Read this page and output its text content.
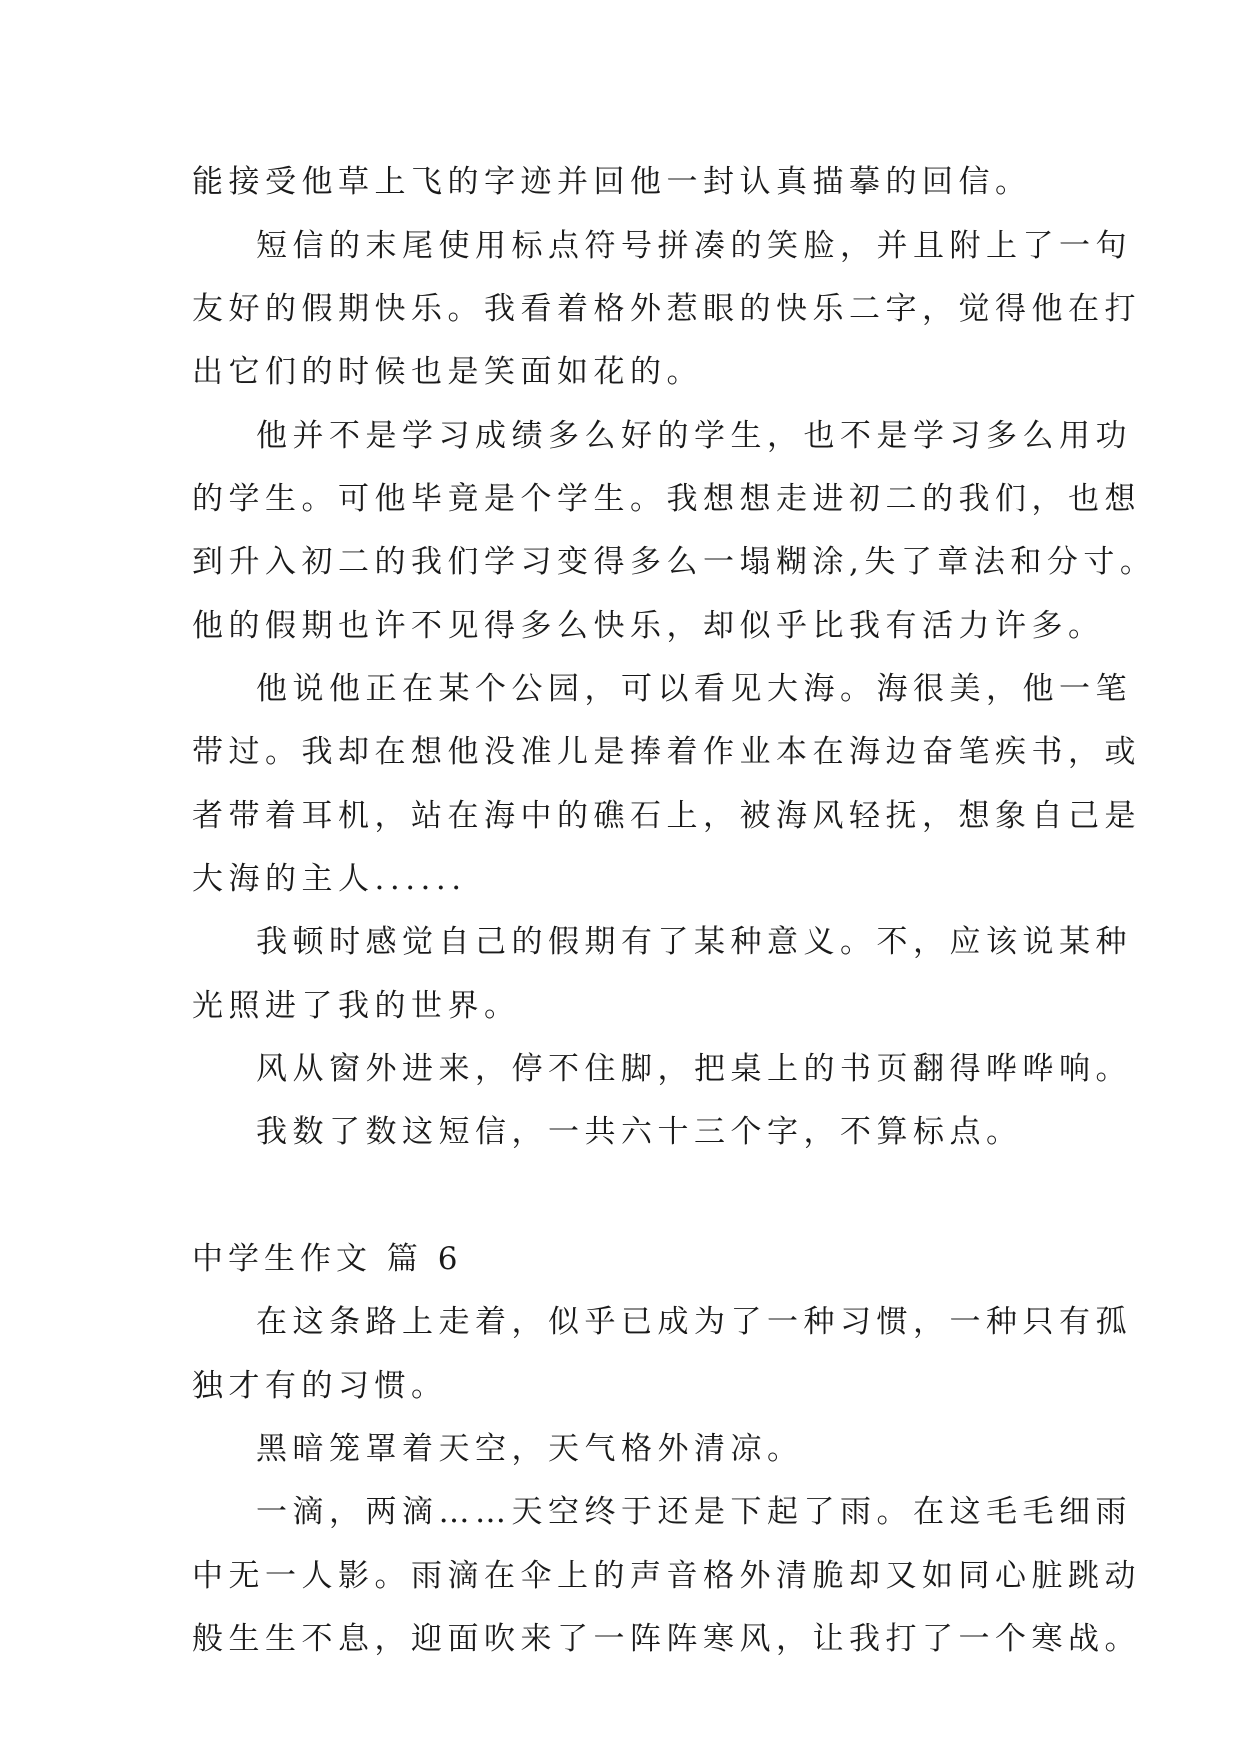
能接受他草上飞的字迹并回他一封认真描摹的回信。

短信的末尾使用标点符号拼凑的笑脸，并且附上了一句

友好的假期快乐。我看着格外惹眼的快乐二字，觉得他在打

出它们的时候也是笑面如花的。

他并不是学习成绩多么好的学生，也不是学习多么用功

的学生。可他毕竟是个学生。我想想走进初二的我们，也想

到升入初二的我们学习变得多么一塌糊涂,失了章法和分寸。

他的假期也许不见得多么快乐，却似乎比我有活力许多。

他说他正在某个公园，可以看见大海。海很美，他一笔

带过。我却在想他没准儿是捧着作业本在海边奋笔疾书，或

者带着耳机，站在海中的礁石上，被海风轻抚，想象自己是

大海的主人......

我顿时感觉自己的假期有了某种意义。不，应该说某种

光照进了我的世界。

风从窗外进来，停不住脚，把桌上的书页翻得哗哗响。

我数了数这短信，一共六十三个字，不算标点。

中学生作文 篇 6

在这条路上走着，似乎已成为了一种习惯，一种只有孤

独才有的习惯。

黑暗笼罩着天空，天气格外清凉。

一滴，两滴……天空终于还是下起了雨。在这毛毛细雨

中无一人影。雨滴在伞上的声音格外清脆却又如同心脏跳动

般生生不息，迎面吹来了一阵阵寒风，让我打了一个寒战。
